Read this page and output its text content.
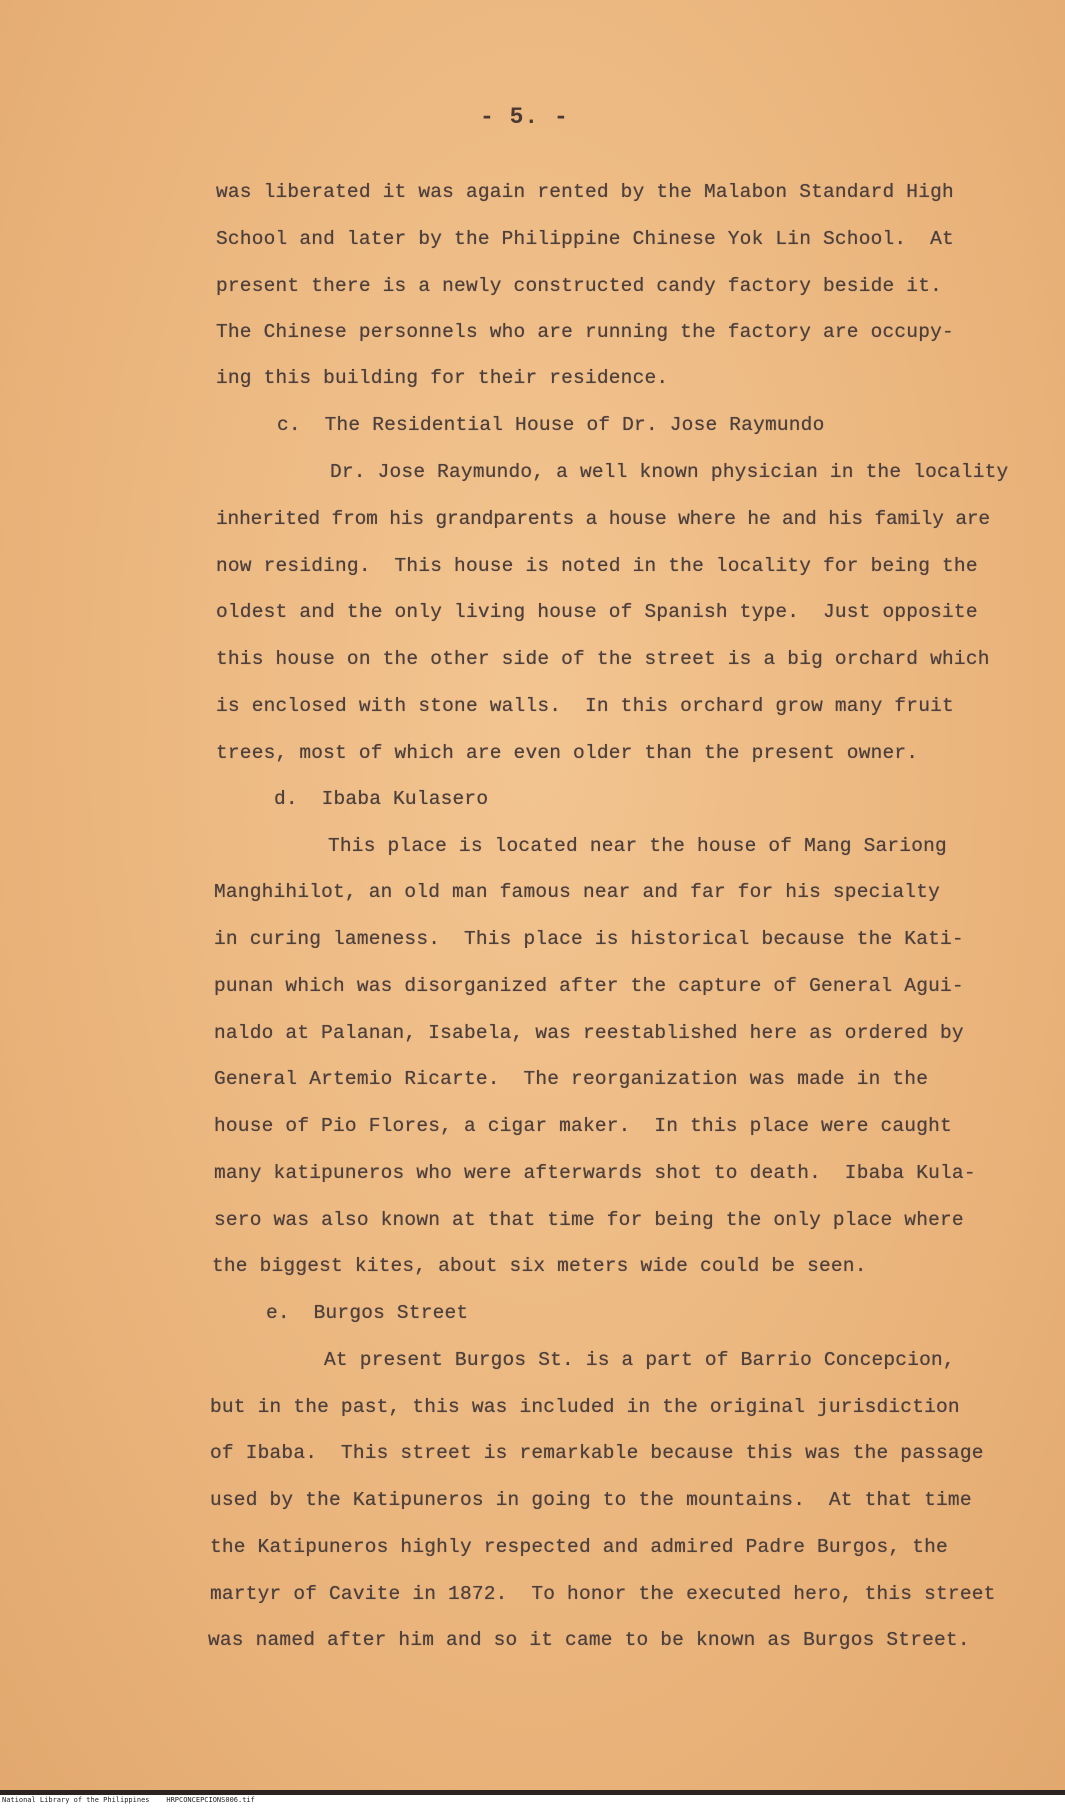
- 5. -

was liberated it was again rented by the Malabon Standard High

School and later by the Philippine Chinese Yok Lin School.  At

present there is a newly constructed candy factory beside it.

The Chinese personnels who are running the factory are occupy-

ing this building for their residence.

c.  The Residential House of Dr. Jose Raymundo

Dr. Jose Raymundo, a well known physician in the locality

inherited from his grandparents a house where he and his family are

now residing.  This house is noted in the locality for being the

oldest and the only living house of Spanish type.  Just opposite

this house on the other side of the street is a big orchard which

is enclosed with stone walls.  In this orchard grow many fruit

trees, most of which are even older than the present owner.

d.  Ibaba Kulasero

This place is located near the house of Mang Sariong

Manghihilot, an old man famous near and far for his specialty

in curing lameness.  This place is historical because the Kati-

punan which was disorganized after the capture of General Agui-

naldo at Palanan, Isabela, was reestablished here as ordered by

General Artemio Ricarte.  The reorganization was made in the

house of Pio Flores, a cigar maker.  In this place were caught

many katipuneros who were afterwards shot to death.  Ibaba Kula-

sero was also known at that time for being the only place where

the biggest kites, about six meters wide could be seen.

e.  Burgos Street

At present Burgos St. is a part of Barrio Concepcion,

but in the past, this was included in the original jurisdiction

of Ibaba.  This street is remarkable because this was the passage

used by the Katipuneros in going to the mountains.  At that time

the Katipuneros highly respected and admired Padre Burgos, the

martyr of Cavite in 1872.  To honor the executed hero, this street

was named after him and so it came to be known as Burgos Street.

National Library of the Philippines    HRPCONCEPCIONS006.tif
